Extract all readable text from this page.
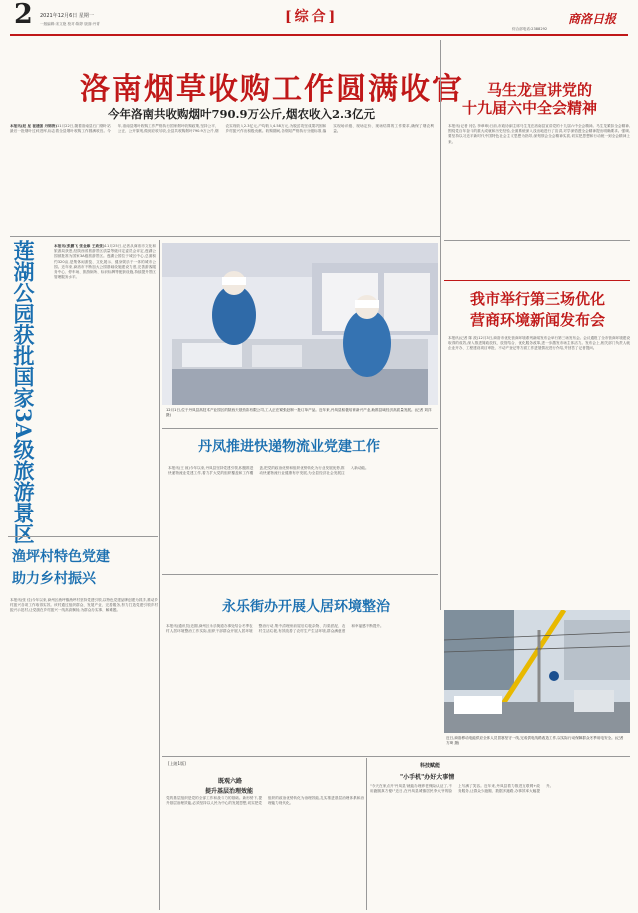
2 2021年12月6日 星期一
一版编辑:宋文艳 校对:陈婷 版面:丹青	[综合]
综合部电话:2388292
商洛日报
洛南烟草收购工作圆满收官
今年洛南共收购烟叶790.9万公斤,烟农收入2.3亿元
本报讯(赵 星 崔建强 丹锦涛)11月22日,随着洛南县石门烟叶站最后一批烟叶过秤进库,标志着全县烟叶收购工作圆满收官。今年,洛南县烟叶收购工作严格执行国家烟叶收购政策,坚持公平、公正、公开原则,做到应收尽收,全县共收购烟叶790.9万公斤,烟农实现收入2.3亿元,户均收入4.58万元,为脱贫攻坚成果巩固和乡村振兴作出积极贡献。收购期间,各烟站严格执行分级标准,落实现场评级、现场定价、现场结算的工作要求,确保了烟农利益。
马生龙宣讲党的
十九届六中全会精神
本报讯(记者 闫弘 李章章)日前,市政协副主席马生龙在洛南县宣讲党的十九届六中全会精神。马生龙紧扣全会精神,围绕党百年奋斗的重大成就和历史经验,全面系统深入浅出地进行了宣讲,对学深悟透全会精神提出明确要求。强调,要坚持以习近平新时代中国特色社会主义思想为指导,深刻领会全会精神实质,切实把思想和行动统一到全会精神上来。
莲湖公园获批国家3A级旅游景区	本报讯(张鹏飞 张金雄 王政张)11月25日,记者从商洛市文化和旅游局获悉,经陕西省旅游景区质量等级评定委员会评定,莲湖公园被批准为国家3A级旅游景区。莲湖公园位于城区中心,总面积约320亩,是集休闲游览、文化展示、健身娱乐于一体的城市公园。近年来,商洛市不断加大公园基础设施建设力度,完善游客服务中心、停车场、旅游厕所、标识标牌等配套设施,持续提升景区管理服务水平。
12月1日,位于丹凤县高技术产业园区的陕西天基劲彩有限公司,工人正在紧张赶制一批订单产品。近年来,丹凤县积极培育新兴产业,助推县域经济高质量发展。(记者 刘洋 摄)
我市举行第三场优化
营商环境新闻发布会
本报讯(记者 陈 波)12月3日,商洛市优化营商环境系列新闻发布会举行第三场发布会。会议通报了全市营商环境建设取得的成效,深入推进简政放权、放管结合、优化服务改革,进一步激发市场主体活力。发布会上,相关部门负责人就企业开办、工程建设项目审批、不动产登记等方面工作进展情况进行介绍,并回答了记者提问。
丹凤推进快递物流业党建工作
本报讯(王 琼)今年以来,丹凤县坚持党建引领,积极推进快递物流业党建工作,着力扩大党的组织覆盖和工作覆盖,把党的政治优势和组织优势转化为行业发展优势,推动快递物流行业健康有序发展,为全县经济社会发展注入新动能。
渔坪村特色党建
助力乡村振兴
本报讯(张 佳)今年以来,商州区渔坪镇渔坪村坚持党建引领,以特色党建品牌创建为抓手,推动乡村振兴各项工作取得实效。该村通过组织群众、发展产业、完善服务,努力打造党建引领乡村振兴示范村,让党旗在乡村振兴一线高高飘扬,为群众办实事、解难题。	永乐街办开展人居环境整治
本报讯(通讯员)近期,商州区永乐街道办事处结合冬季农村人居环境整治工作实际,组织干部群众开展人居环境整治行动,集中清理房前屋后垃圾杂物、沟渠淤泥、农村生活垃圾,有效改善了农村生产生活环境,群众满意度和幸福感不断提升。
近日,商洛移动电能供应全体人员冒寒坚守一线,完成供电线路改造工作,以实际行动保障群众冬季用电安全。(记者 方琦 摄)
[上陵1版]
既观六路
提升基层治理效能
党的基层组织是党的全部工作和战斗力的基础。新形势下,提升基层治理效能,必须坚持以人民为中心的发展思想,切实把党组织的政治优势转化为治理效能,扎实推进基层治理体系和治理能力现代化。
科技赋能
"小手机"办好大事情
"今天在家点开'丹凤县'就能办理养老保险认证了,不用跑腿真方便!"近日,在丹凤县城镇居民李大爷的脸上写满了笑容。近年来,丹凤县着力推进互联网+政务服务,让群众少跑腿、数据多跑路,办事效率大幅提升。
